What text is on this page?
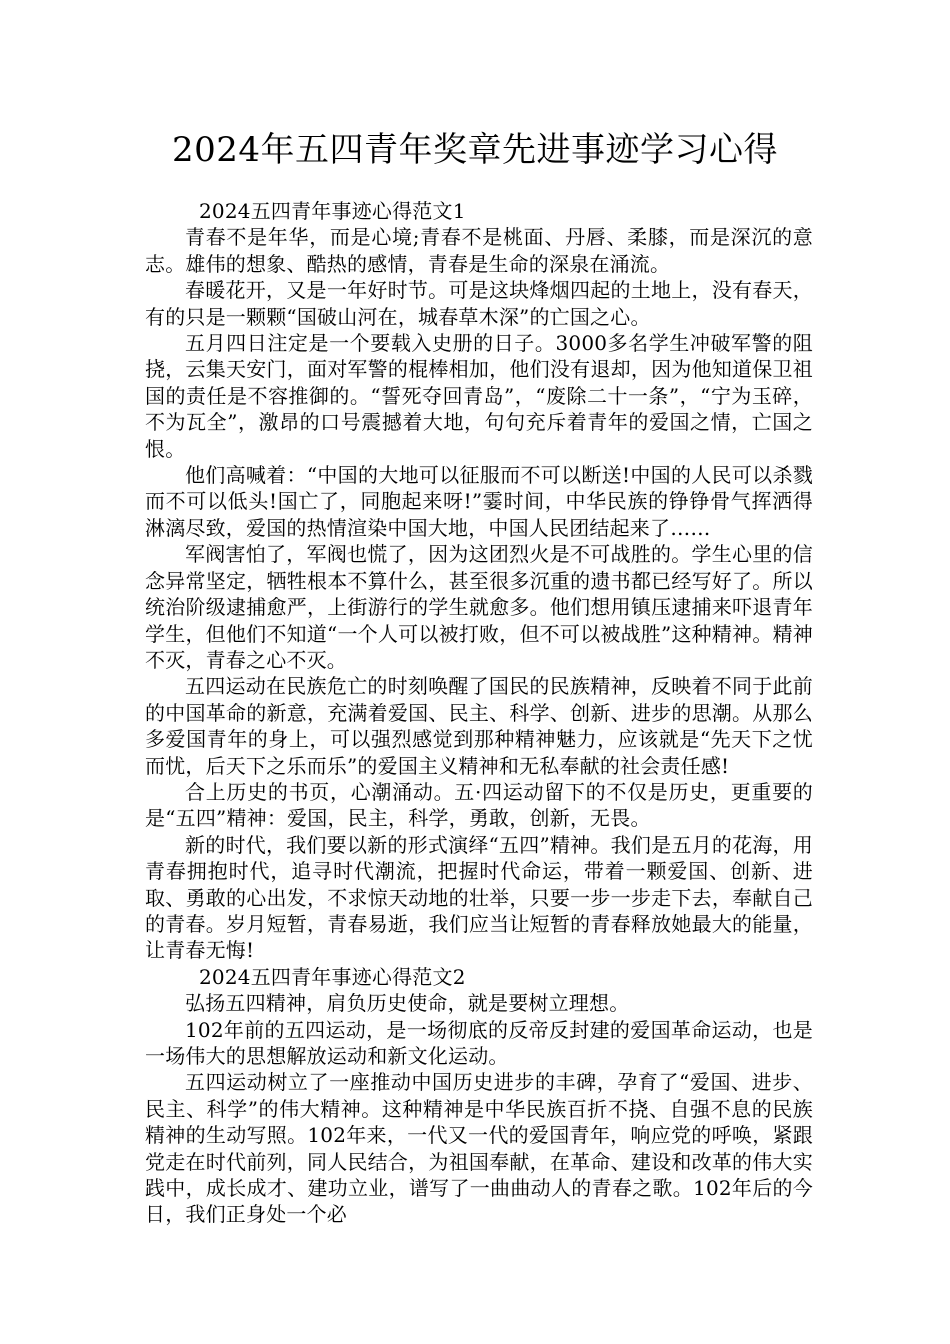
2024年五四青年奖章先进事迹学习心得

2024五四青年事迹心得范文1

青春不是年华，而是心境;青春不是桃面、丹唇、柔膝，而是深沉的意志。雄伟的想象、酷热的感情，青春是生命的深泉在涌流。

春暖花开，又是一年好时节。可是这块烽烟四起的土地上，没有春天，有的只是一颗颗“国破山河在，城春草木深”的亡国之心。

五月四日注定是一个要载入史册的日子。3000多名学生冲破军警的阻挠，云集天安门，面对军警的棍棒相加，他们没有退却，因为他知道保卫祖国的责任是不容推御的。“誓死夺回青岛”，“废除二十一条”，“宁为玉碎，不为瓦全”，激昂的口号震撼着大地，句句充斥着青年的爱国之情，亡国之恨。

他们高喊着：“中国的大地可以征服而不可以断送!中国的人民可以杀戮而不可以低头!国亡了，同胞起来呀!”霎时间，中华民族的铮铮骨气挥洒得淋漓尽致，爱国的热情渲染中国大地，中国人民团结起来了……

军阀害怕了，军阀也慌了，因为这团烈火是不可战胜的。学生心里的信念异常坚定，牺牲根本不算什么，甚至很多沉重的遗书都已经写好了。所以统治阶级逮捕愈严，上街游行的学生就愈多。他们想用镇压逮捕来吓退青年学生，但他们不知道“一个人可以被打败，但不可以被战胜”这种精神。精神不灭，青春之心不灭。

五四运动在民族危亡的时刻唤醒了国民的民族精神，反映着不同于此前的中国革命的新意，充满着爱国、民主、科学、创新、进步的思潮。从那么多爱国青年的身上，可以强烈感觉到那种精神魅力，应该就是“先天下之忧而忧，后天下之乐而乐”的爱国主义精神和无私奉献的社会责任感!

合上历史的书页，心潮涌动。五·四运动留下的不仅是历史，更重要的是“五四”精神：爱国，民主，科学，勇敢，创新，无畏。

新的时代，我们要以新的形式演绎“五四”精神。我们是五月的花海，用青春拥抱时代，追寻时代潮流，把握时代命运，带着一颗爱国、创新、进取、勇敢的心出发，不求惊天动地的壮举，只要一步一步走下去，奉献自己的青春。岁月短暂，青春易逝，我们应当让短暂的青春释放她最大的能量，让青春无悔!

2024五四青年事迹心得范文2

弘扬五四精神，肩负历史使命，就是要树立理想。

102年前的五四运动，是一场彻底的反帝反封建的爱国革命运动，也是一场伟大的思想解放运动和新文化运动。

五四运动树立了一座推动中国历史进步的丰碑，孕育了“爱国、进步、民主、科学”的伟大精神。这种精神是中华民族百折不挠、自强不息的民族精神的生动写照。102年来，一代又一代的爱国青年，响应党的呼唤，紧跟党走在时代前列，同人民结合，为祖国奉献，在革命、建设和改革的伟大实践中，成长成才、建功立业，谱写了一曲曲动人的青春之歌。102年后的今日，我们正身处一个必
